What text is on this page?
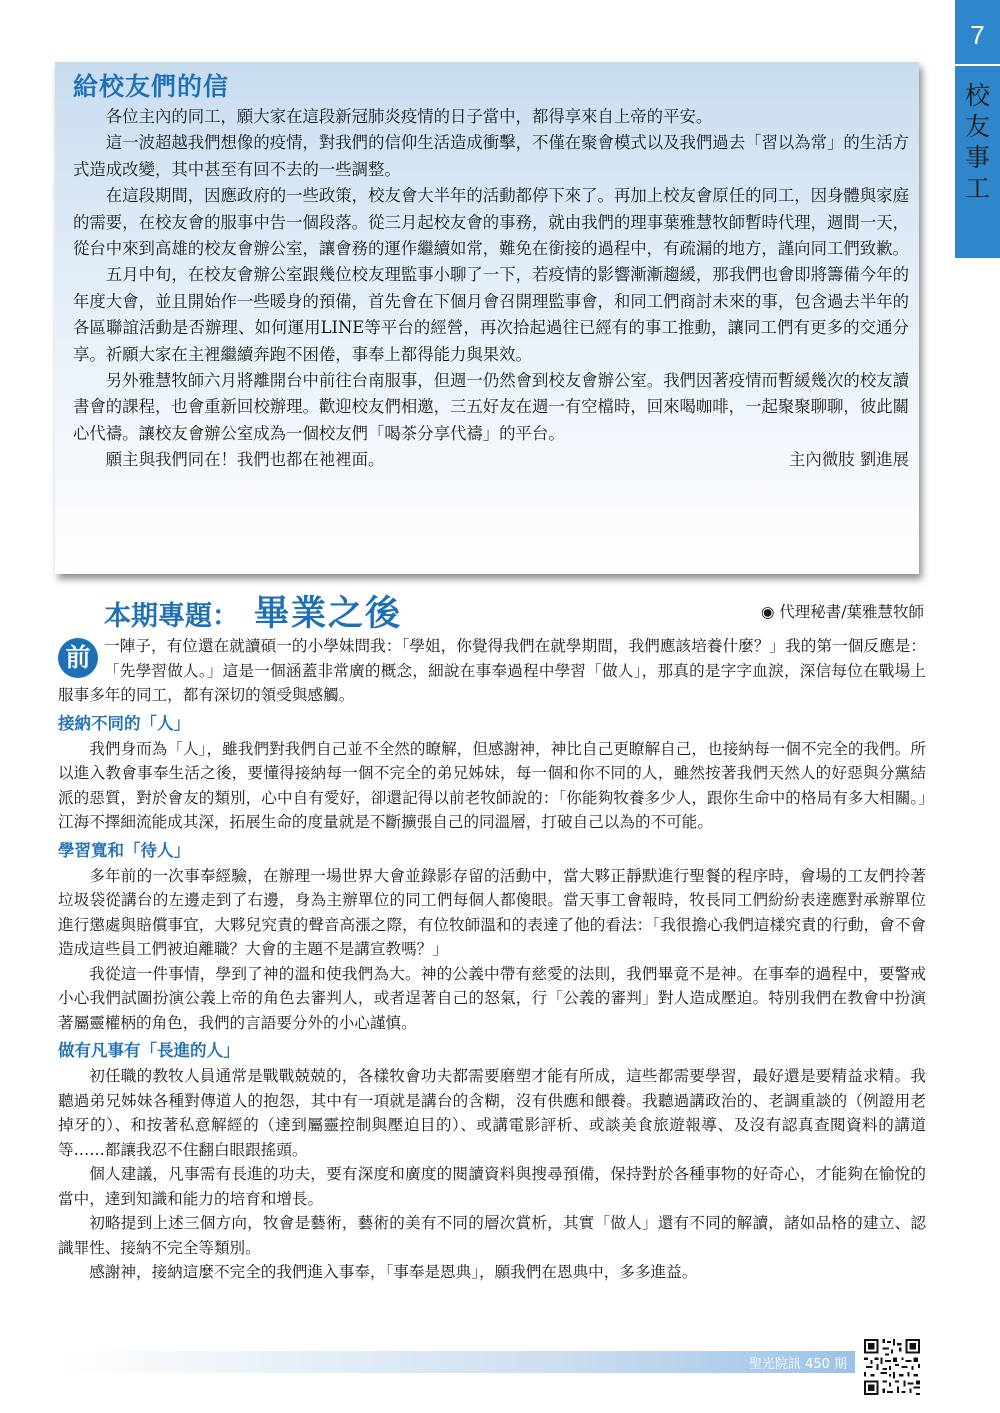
7
校
友
事
工
給校友們的信

各位主內的同工，願大家在這段新冠肺炎疫情的日子當中，都得享來自上帝的平安。

這一波超越我們想像的疫情，對我們的信仰生活造成衝擊，不僅在聚會模式以及我們過去「習以為常」的生活方式造成改變，其中甚至有回不去的一些調整。

在這段期間，因應政府的一些政策，校友會大半年的活動都停下來了。再加上校友會原任的同工，因身體與家庭的需要，在校友會的服事中告一個段落。從三月起校友會的事務，就由我們的理事葉雅慧牧師暫時代理，週間一天，從台中來到高雄的校友會辦公室，讓會務的運作繼續如常，難免在銜接的過程中，有疏漏的地方，謹向同工們致歉。

五月中旬，在校友會辦公室跟幾位校友理監事小聊了一下，若疫情的影響漸漸趨緩，那我們也會即將籌備今年的年度大會，並且開始作一些暖身的預備，首先會在下個月會召開理監事會，和同工們商討未來的事，包含過去半年的各區聯誼活動是否辦理、如何運用LINE等平台的經營，再次拾起過往已經有的事工推動，讓同工們有更多的交通分享。祈願大家在主裡繼續奔跑不困倦，事奉上都得能力與果效。

另外雅慧牧師六月將離開台中前往台南服事，但週一仍然會到校友會辦公室。我們因著疫情而暫緩幾次的校友讀書會的課程，也會重新回校辦理。歡迎校友們相邀，三五好友在週一有空檔時，回來喝咖啡，一起聚聚聊聊，彼此關心代禱。讓校友會辦公室成為一個校友們「喝茶分享代禱」的平台。

願主與我們同在！我們也都在祂裡面。	主內微肢 劉進展
本期專題： 畢業之後	◉ 代理秘書/葉雅慧牧師
前 一陣子，有位還在就讀碩一的小學妹問我：「學姐，你覺得我們在就學期間，我們應該培養什麼？」我的第一個反應是：「先學習做人。」這是一個涵蓋非常廣的概念，細說在事奉過程中學習「做人」，那真的是字字血淚，深信每位在戰場上服事多年的同工，都有深切的領受與感觸。
接納不同的「人」

我們身而為「人」，雖我們對我們自己並不全然的瞭解，但感謝神，神比自己更瞭解自己，也接納每一個不完全的我們。所以進入教會事奉生活之後，要懂得接納每一個不完全的弟兄姊妹，每一個和你不同的人，雖然按著我們天然人的好惡與分黨結派的惡質，對於會友的類別，心中自有愛好，卻還記得以前老牧師說的：「你能夠牧養多少人，跟你生命中的格局有多大相關。」江海不擇細流能成其深，拓展生命的度量就是不斷擴張自己的同溫層，打破自己以為的不可能。

學習寬和「待人」

多年前的一次事奉經驗，在辦理一場世界大會並錄影存留的活動中，當大夥正靜默進行聖餐的程序時，會場的工友們拎著垃圾袋從講台的左邊走到了右邊，身為主辦單位的同工們每個人都傻眼。當天事工會報時，牧長同工們紛紛表達應對承辦單位進行懲處與賠償事宜，大夥兒究責的聲音高漲之際，有位牧師溫和的表達了他的看法：「我很擔心我們這樣究責的行動，會不會造成這些員工們被迫離職？大會的主題不是講宣教嗎？」

我從這一件事情，學到了神的溫和使我們為大。神的公義中帶有慈愛的法則，我們畢竟不是神。在事奉的過程中，要警戒小心我們試圖扮演公義上帝的角色去審判人，或者逞著自己的怒氣，行「公義的審判」對人造成壓迫。特別我們在教會中扮演著屬靈權柄的角色，我們的言語要分外的小心謹慎。

做有凡事有「長進的人」

初任職的教牧人員通常是戰戰兢兢的，各樣牧會功夫都需要磨塑才能有所成，這些都需要學習，最好還是要精益求精。我聽過弟兄姊妹各種對傳道人的抱怨，其中有一項就是講台的含糊，沒有供應和餵養。我聽過講政治的、老調重談的（例證用老掉牙的）、和按著私意解經的（達到屬靈控制與壓迫目的）、或講電影評析、或談美食旅遊報導、及沒有認真查閱資料的講道等……都讓我忍不住翻白眼跟搖頭。

個人建議，凡事需有長進的功夫，要有深度和廣度的閱讀資料與搜尋預備，保持對於各種事物的好奇心，才能夠在愉悅的當中，達到知識和能力的培育和增長。

初略提到上述三個方向，牧會是藝術，藝術的美有不同的層次賞析，其實「做人」還有不同的解讀，諸如品格的建立、認識罪性、接納不完全等類別。

感謝神，接納這麼不完全的我們進入事奉，「事奉是恩典」，願我們在恩典中，多多進益。

聖光院訊 450 期
